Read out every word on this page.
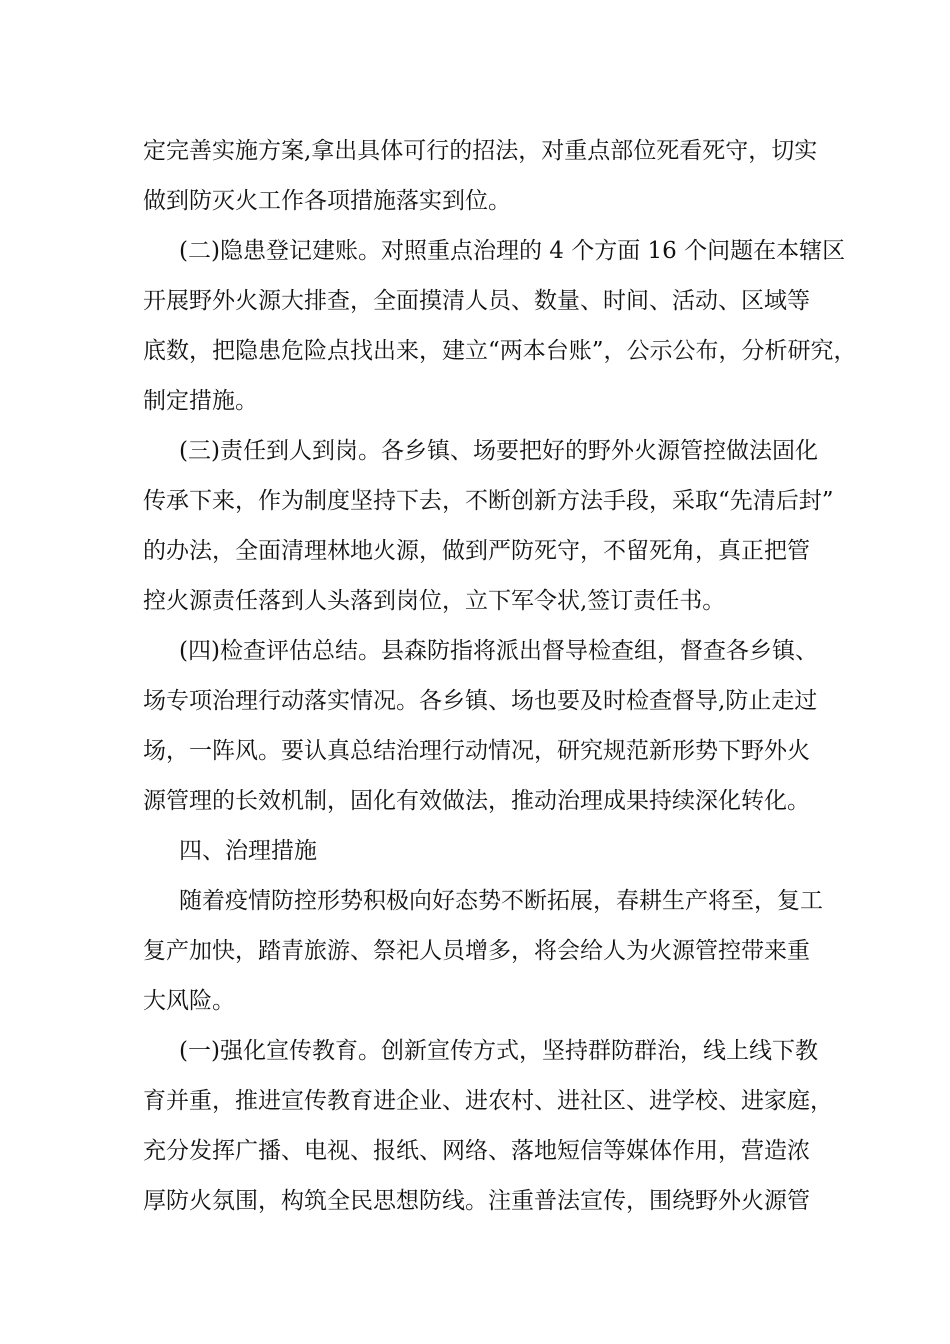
定完善实施方案,拿出具体可行的招法，对重点部位死看死守，切实
做到防灭火工作各项措施落实到位。
(二)隐患登记建账。对照重点治理的 4 个方面 16 个问题在本辖区
开展野外火源大排查，全面摸清人员、数量、时间、活动、区域等
底数，把隐患危险点找出来，建立“两本台账”，公示公布，分析研究，
制定措施。
(三)责任到人到岗。各乡镇、场要把好的野外火源管控做法固化
传承下来，作为制度坚持下去，不断创新方法手段，采取“先清后封”
的办法，全面清理林地火源，做到严防死守，不留死角，真正把管
控火源责任落到人头落到岗位，立下军令状,签订责任书。
(四)检查评估总结。县森防指将派出督导检查组，督查各乡镇、
场专项治理行动落实情况。各乡镇、场也要及时检查督导,防止走过
场，一阵风。要认真总结治理行动情况，研究规范新形势下野外火
源管理的长效机制，固化有效做法，推动治理成果持续深化转化。
四、治理措施
随着疫情防控形势积极向好态势不断拓展，春耕生产将至，复工
复产加快，踏青旅游、祭祀人员增多，将会给人为火源管控带来重
大风险。
(一)强化宣传教育。创新宣传方式，坚持群防群治，线上线下教
育并重，推进宣传教育进企业、进农村、进社区、进学校、进家庭，
充分发挥广播、电视、报纸、网络、落地短信等媒体作用，营造浓
厚防火氛围，构筑全民思想防线。注重普法宣传，围绕野外火源管
